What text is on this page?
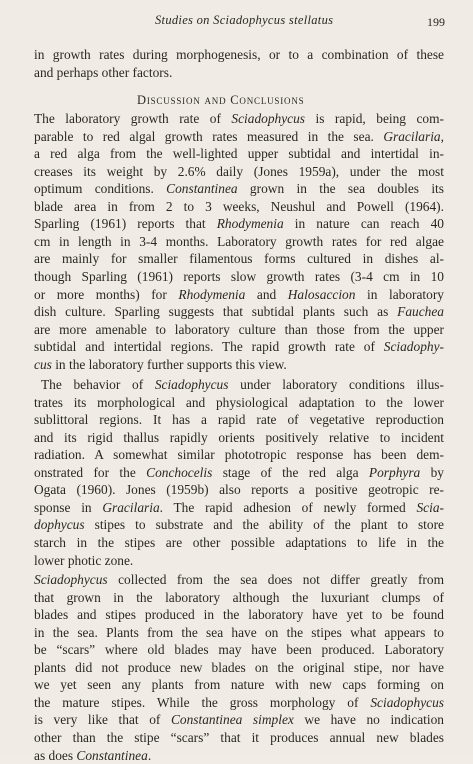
Studies on Sciadophycus stellatus	199
in growth rates during morphogenesis, or to a combination of these
and perhaps other factors.
Discussion and Conclusions
The laboratory growth rate of Sciadophycus is rapid, being com-
parable to red algal growth rates measured in the sea. Gracilaria,
a red alga from the well-lighted upper subtidal and intertidal in-
creases its weight by 2.6% daily (Jones 1959a), under the most
optimum conditions. Constantinea grown in the sea doubles its
blade area in from 2 to 3 weeks, Neushul and Powell (1964).
Sparling (1961) reports that Rhodymenia in nature can reach 40
cm in length in 3-4 months. Laboratory growth rates for red algae
are mainly for smaller filamentous forms cultured in dishes al-
though Sparling (1961) reports slow growth rates (3-4 cm in 10
or more months) for Rhodymenia and Halosaccion in laboratory
dish culture. Sparling suggests that subtidal plants such as Fauchea
are more amenable to laboratory culture than those from the upper
subtidal and intertidal regions. The rapid growth rate of Sciadophy-
cus in the laboratory further supports this view.
The behavior of Sciadophycus under laboratory conditions illus-
trates its morphological and physiological adaptation to the lower
sublittoral regions. It has a rapid rate of vegetative reproduction
and its rigid thallus rapidly orients positively relative to incident
radiation. A somewhat similar phototropic response has been dem-
onstrated for the Conchocelis stage of the red alga Porphyra by
Ogata (1960). Jones (1959b) also reports a positive geotropic re-
sponse in Gracilaria. The rapid adhesion of newly formed Scia-
dophycus stipes to substrate and the ability of the plant to store
starch in the stipes are other possible adaptations to life in the
lower photic zone.
Sciadophycus collected from the sea does not differ greatly from
that grown in the laboratory although the luxuriant clumps of
blades and stipes produced in the laboratory have yet to be found
in the sea. Plants from the sea have on the stipes what appears to
be “scars” where old blades may have been produced. Laboratory
plants did not produce new blades on the original stipe, nor have
we yet seen any plants from nature with new caps forming on
the mature stipes. While the gross morphology of Sciadophycus
is very like that of Constantinea simplex we have no indication
other than the stipe “scars” that it produces annual new blades
as does Constantinea.
